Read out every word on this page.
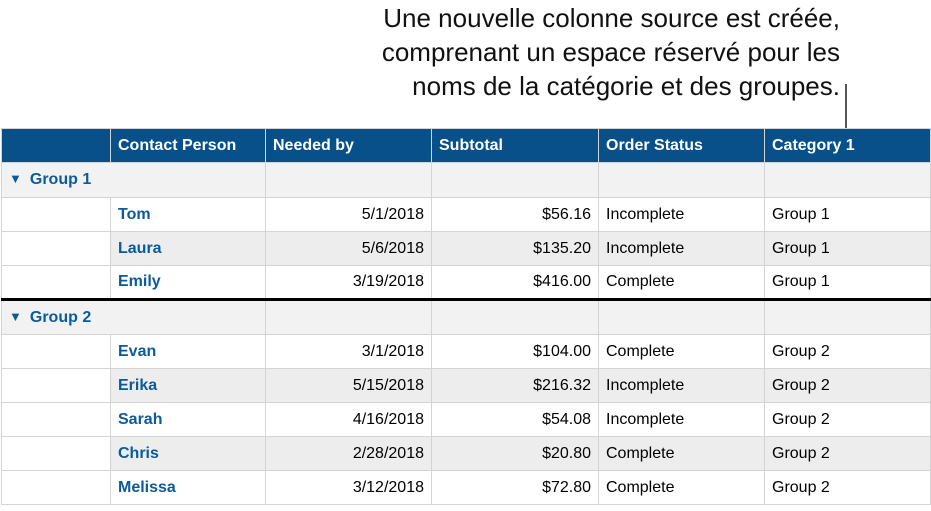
Une nouvelle colonne source est créée,
comprenant un espace réservé pour les
noms de la catégorie et des groupes.
	Contact Person	Needed by	Subtotal	Order Status	Category 1
▼ Group 1					
	Tom	5/1/2018	$56.16	Incomplete	Group 1
	Laura	5/6/2018	$135.20	Incomplete	Group 1
	Emily	3/19/2018	$416.00	Complete	Group 1
▼ Group 2					
	Evan	3/1/2018	$104.00	Complete	Group 2
	Erika	5/15/2018	$216.32	Incomplete	Group 2
	Sarah	4/16/2018	$54.08	Incomplete	Group 2
	Chris	2/28/2018	$20.80	Complete	Group 2
	Melissa	3/12/2018	$72.80	Complete	Group 2
